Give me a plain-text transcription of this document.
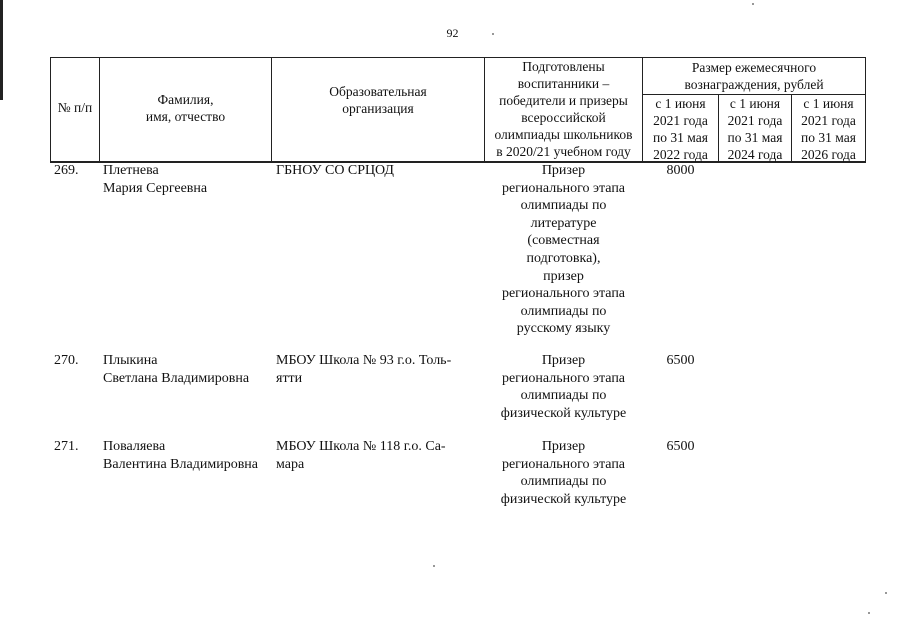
92
№ п/п
Фамилия,
имя, отчество
Образовательная
организация
Подготовлены
воспитанники –
победители и призеры
всероссийской
олимпиады школьников
в 2020/21 учебном году
Размер ежемесячного
вознаграждения, рублей
с 1 июня
2021 года
по 31 мая
2022 года
с 1 июня
2021 года
по 31 мая
2024 года
с 1 июня
2021 года
по 31 мая
2026 года
269. Плетнева
Мария Сергеевна
ГБНОУ СО СРЦОД	Призер
регионального этапа
олимпиады по
литературе
(совместная
подготовка),
призер
регионального этапа
олимпиады по
русскому языку
8000
270. Плыкина
Светлана Владимировна
МБОУ Школа № 93 г.о. Толь-
ятти
Призер
регионального этапа
олимпиады по
физической культуре
6500
271. Поваляева
Валентина Владимировна
МБОУ Школа № 118 г.о. Са-
мара
Призер
регионального этапа
олимпиады по
физической культуре
6500
